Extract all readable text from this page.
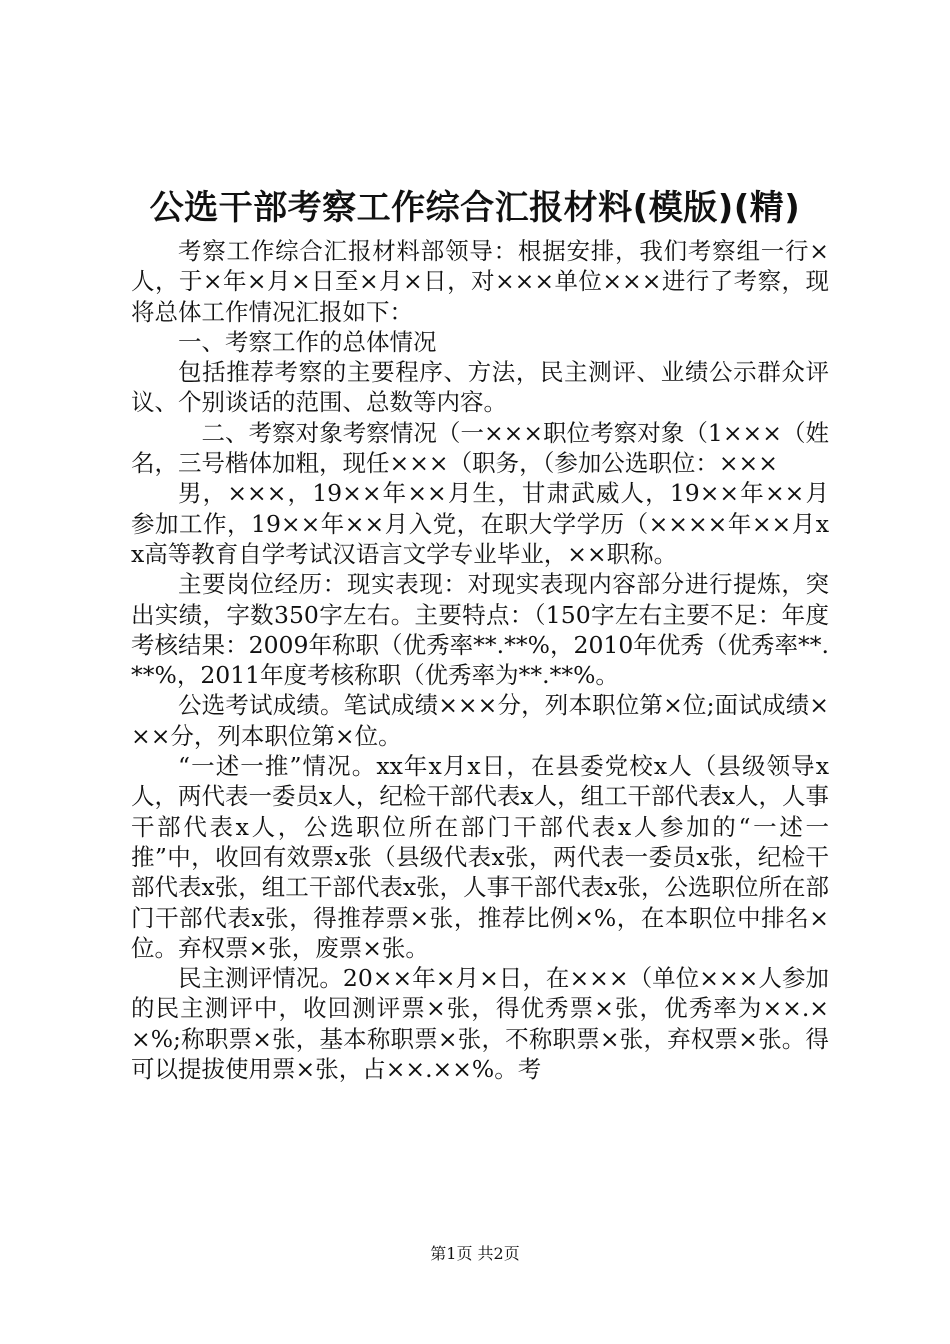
公选干部考察工作综合汇报材料(模版)(精)

考察工作综合汇报材料部领导：根据安排，我们考察组一行×人，于×年×月×日至×月×日，对×××单位×××进行了考察，现将总体工作情况汇报如下：

一、考察工作的总体情况

包括推荐考察的主要程序、方法，民主测评、业绩公示群众评议、个别谈话的范围、总数等内容。

二、考察对象考察情况（一×××职位考察对象（1×××（姓名，三号楷体加粗，现任×××（职务，（参加公选职位：×××

男，×××，19××年××月生，甘肃武威人，19××年××月参加工作，19××年××月入党，在职大学学历（××××年××月xx高等教育自学考试汉语言文学专业毕业，××职称。

主要岗位经历：现实表现：对现实表现内容部分进行提炼，突出实绩，字数350字左右。主要特点：（150字左右主要不足：年度考核结果：2009年称职（优秀率**.**%，2010年优秀（优秀率**.**%，2011年度考核称职（优秀率为**.**%。

公选考试成绩。笔试成绩×××分，列本职位第×位;面试成绩×××分，列本职位第×位。

“一述一推”情况。xx年x月x日，在县委党校x人（县级领导x人，两代表一委员x人，纪检干部代表x人，组工干部代表x人，人事干部代表x人，公选职位所在部门干部代表x人参加的“一述一推”中，收回有效票x张（县级代表x张，两代表一委员x张，纪检干部代表x张，组工干部代表x张，人事干部代表x张，公选职位所在部门干部代表x张，得推荐票×张，推荐比例×%，在本职位中排名×位。弃权票×张，废票×张。

民主测评情况。20××年×月×日，在×××（单位×××人参加的民主测评中，收回测评票×张，得优秀票×张，优秀率为××.××%;称职票×张，基本称职票×张，不称职票×张，弃权票×张。得可以提拔使用票×张，占××.××%。考

第1页 共2页
